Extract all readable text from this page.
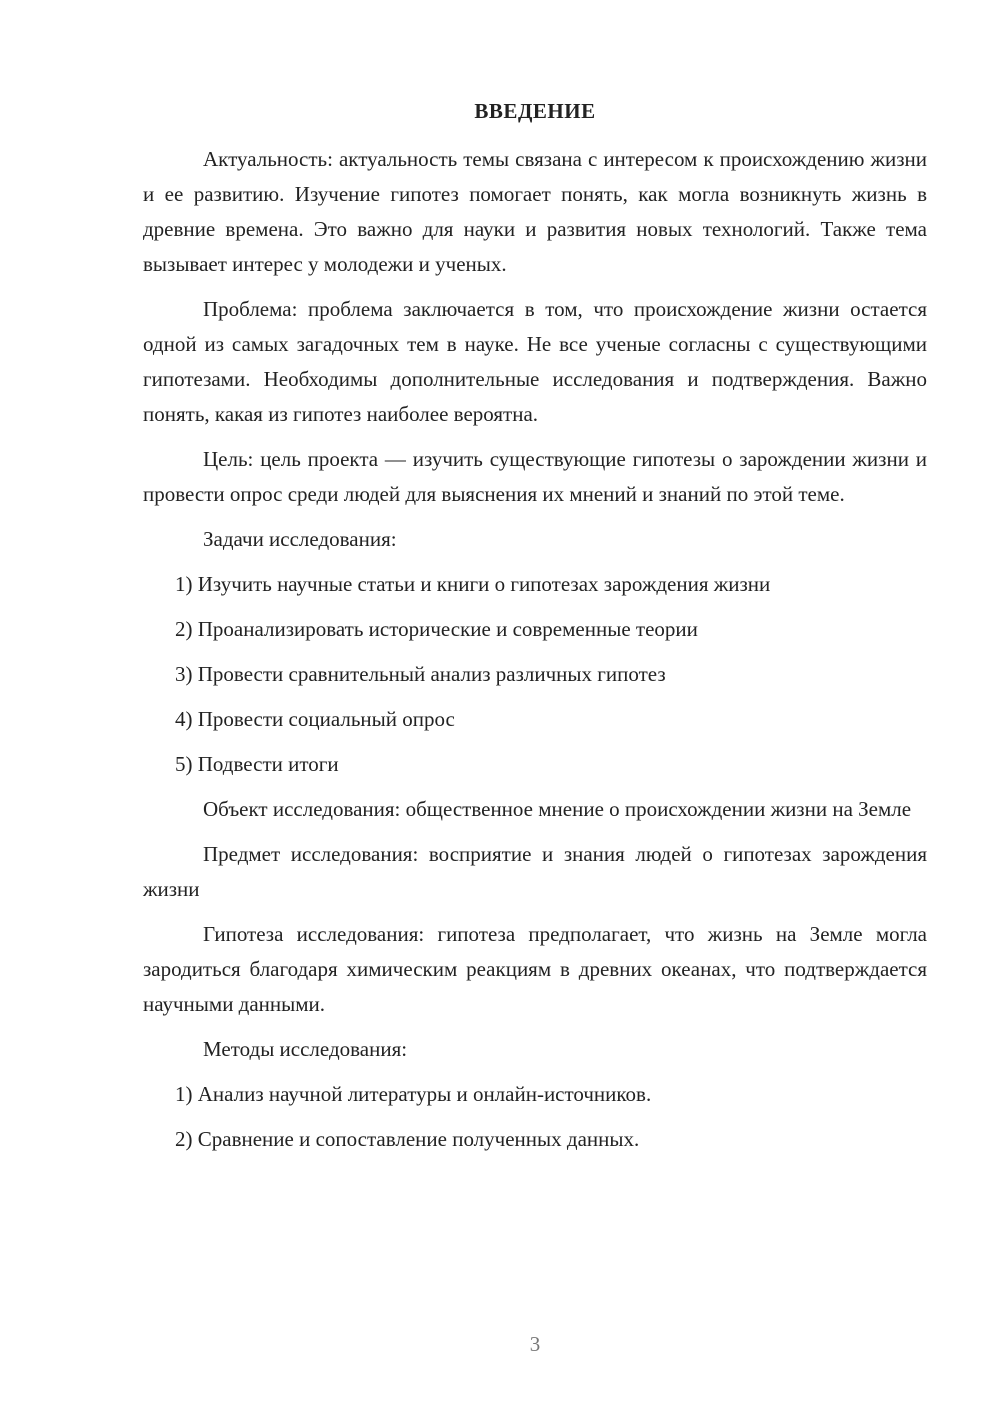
ВВЕДЕНИЕ

Актуальность: актуальность темы связана с интересом к происхождению жизни и ее развитию. Изучение гипотез помогает понять, как могла возникнуть жизнь в древние времена. Это важно для науки и развития новых технологий. Также тема вызывает интерес у молодежи и ученых.

Проблема: проблема заключается в том, что происхождение жизни остается одной из самых загадочных тем в науке. Не все ученые согласны с существующими гипотезами. Необходимы дополнительные исследования и подтверждения. Важно понять, какая из гипотез наиболее вероятна.

Цель: цель проекта — изучить существующие гипотезы о зарождении жизни и провести опрос среди людей для выяснения их мнений и знаний по этой теме.

Задачи исследования:

1) Изучить научные статьи и книги о гипотезах зарождения жизни

2) Проанализировать исторические и современные теории

3) Провести сравнительный анализ различных гипотез

4) Провести социальный опрос

5) Подвести итоги

Объект исследования: общественное мнение о происхождении жизни на Земле

Предмет исследования: восприятие и знания людей о гипотезах зарождения жизни

Гипотеза исследования: гипотеза предполагает, что жизнь на Земле могла зародиться благодаря химическим реакциям в древних океанах, что подтверждается научными данными.

Методы исследования:

1) Анализ научной литературы и онлайн-источников.

2) Сравнение и сопоставление полученных данных.

3
